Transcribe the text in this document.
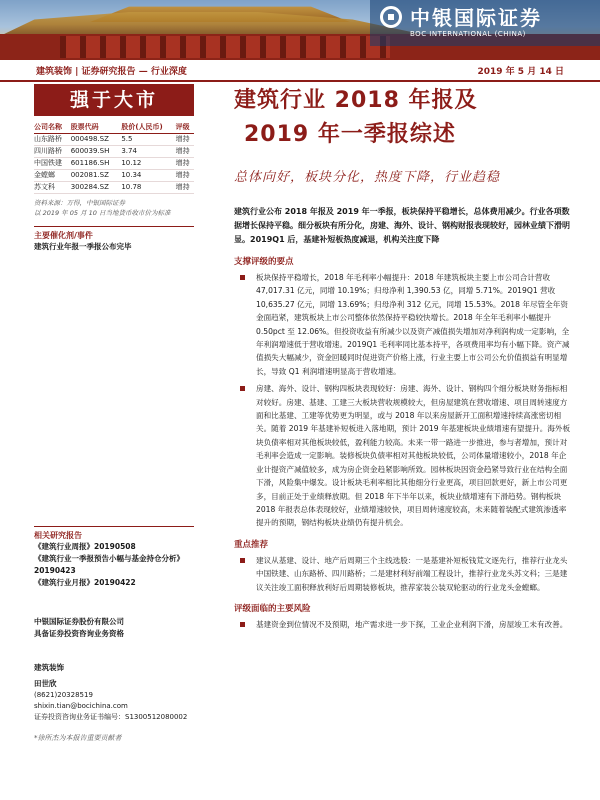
中银国际证券
BOC INTERNATIONAL (CHINA)
建筑装饰 | 证券研究报告 — 行业深度	2019 年 5 月 14 日
强于大市
公司名称	股票代码	股价(人民币)	评级
山东路桥	000498.SZ	5.5	增持
四川路桥	600039.SH	3.74	增持
中国铁建	601186.SH	10.12	增持
金螳螂	002081.SZ	10.34	增持
苏文科	300284.SZ	10.78	增持
资料来源：万得，中银国际证券
以 2019 年 05 月 10 日当地货币收市价为标准
主要催化剂/事件
建筑行业年报一季报公布完毕
相关研究报告
《建筑行业周报》20190508
《建筑行业一季报预告小幅与基金持仓分析》20190423
《建筑行业月报》20190422
中银国际证券股份有限公司
具备证券投资咨询业务资格
建筑装饰
田世欣
(8621)20328519
shixin.tian@bocichina.com
证券投资咨询业务证书编号：S1300512080002
*徐所杰为本报告重要贡献者
建筑行业 2018 年报及
2019 年一季报综述
总体向好，板块分化，热度下降，行业趋稳
建筑行业公布 2018 年报及 2019 年一季报，板块保持平稳增长，总体费用减少。行业各项数据增长保持平稳。细分板块有所分化，房建、海外、设计、钢构财报表现较好，园林业绩下滑明显。2019Q1 后，基建补短板热度减退，机构关注度下降
支撑评级的要点
板块保持平稳增长，2018 年毛利率小幅提升：2018 年建筑板块主要上市公司合计营收 47,017.31 亿元，同增 10.19%；归母净利 1,390.53 亿，同增 5.71%。2019Q1 营收 10,635.27 亿元，同增 13.69%；归母净利 312 亿元，同增 15.53%。2018 年尽管全年资金面趋紧，建筑板块上市公司整体依然保持平稳较快增长。2018 年全年毛利率小幅提升 0.50pct 至 12.06%。但投资收益有所减少以及资产减值损失增加对净利润构成一定影响，全年利润增速低于营收增速。2019Q1 毛利率同比基本持平，各项费用率均有小幅下降。资产减值损失大幅减少，资金回暖同时促进资产价格上涨，行业主要上市公司公允价值损益有明显增长，导致 Q1 利润增速明显高于营收增速。
房建、海外、设计、钢构四板块表现较好：房建、海外、设计、钢构四个细分板块财务指标相对较好。房建、基建、工建三大板块营收规模较大，但房屋建筑在营收增速、项目周转速度方面和比基建、工建等优势更为明显，或与 2018 年以来房屋新开工面积增速持续高涨密切相关。随着 2019 年基建补短板进入落地期，预计 2019 年基建板块业绩增速有望提升。海外板块负债率相对其他板块较低，盈利能力较高。未来一带一路进一步推进，参与者增加，预计对毛利率会造成一定影响。装修板块负债率相对其他板块较低，公司体量增速较小，2018 年企业计提资产减值较多，成为房企资金趋紧影响所致。园林板块因资金趋紧导致行业在结构全面下滑，风险集中爆发。设计板块毛利率相比其他细分行业更高，项目回款更好，新上市公司更多，目前正处于业绩释放期。但 2018 年下半年以来，板块业绩增速有下滑趋势。钢构板块 2018 年报表总体表现较好，业绩增速较快，项目周转速度较高，未来随着装配式建筑渗透率提升的预期，钢结构板块业绩仍有提升机会。
重点推荐
建议从基建、设计、地产后周期三个主线选股：一是基建补短板钱荒文逐先行，推荐行业龙头中国铁建、山东路桥、四川路桥；二是建材利好前端工程设计，推荐行业龙头苏文科；三是建议关注竣工面积释放利好后周期装修板块，推荐家装公装双轮驱动的行业龙头金螳螂。
评级面临的主要风险
基建资金到位情况不及预期，地产需求进一步下探，工业企业利润下滑，房屋竣工未有改善。
